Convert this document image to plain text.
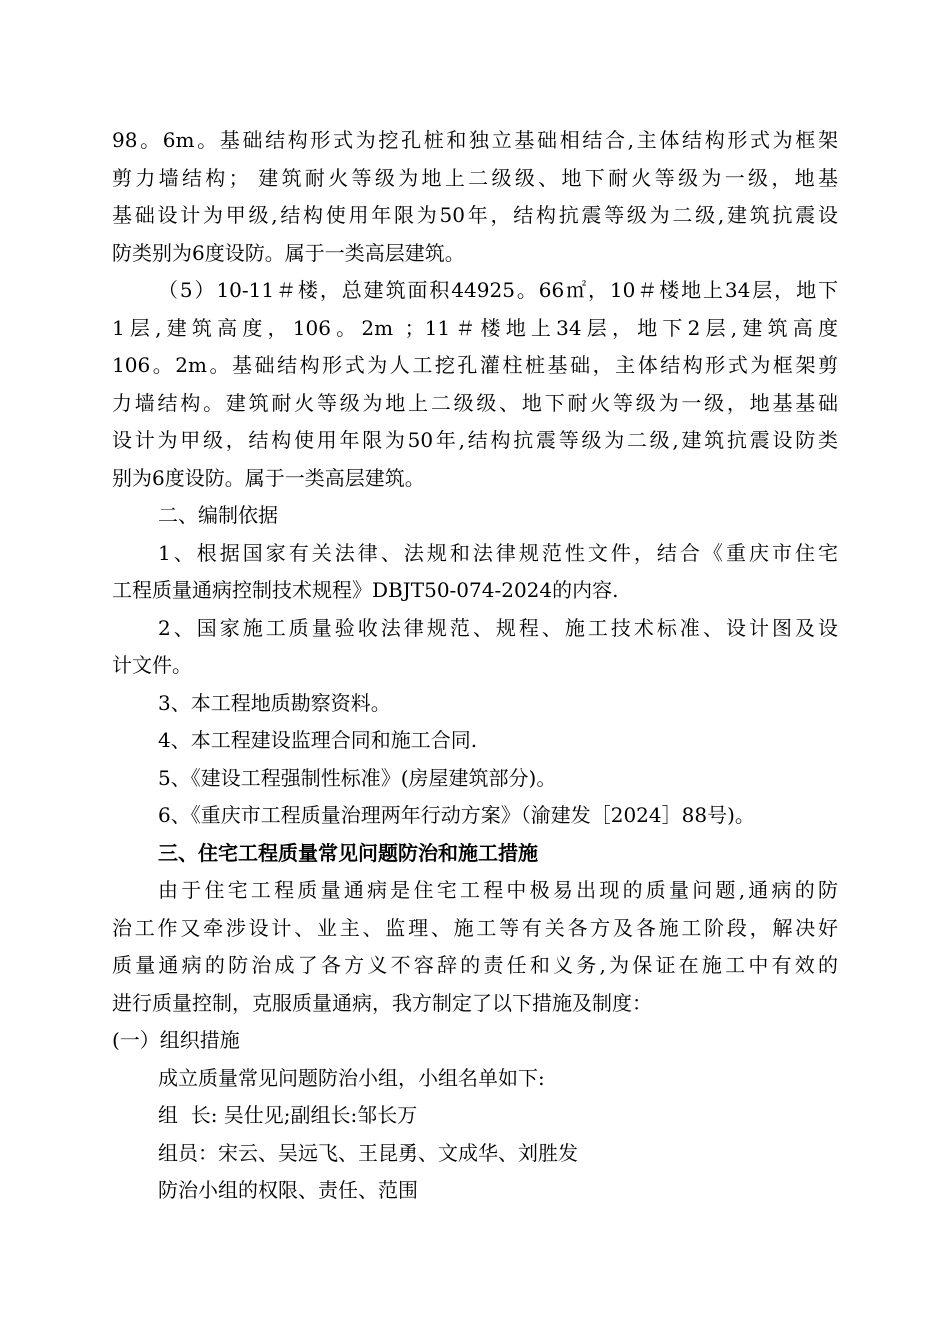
98。6m。基础结构形式为挖孔桩和独立基础相结合,主体结构形式为框架
剪力墙结构； 建筑耐火等级为地上二级级、地下耐火等级为一级，地基
基础设计为甲级,结构使用年限为50年，结构抗震等级为二级,建筑抗震设
防类别为6度设防。属于一类高层建筑。
（5）10-11＃楼，总建筑面积44925。66㎡，10＃楼地上34层，地下
1层,建筑高度，106。2m ；11＃楼地上34层，地下2层,建筑高度
106。2m。基础结构形式为人工挖孔灌柱桩基础，主体结构形式为框架剪
力墙结构。建筑耐火等级为地上二级级、地下耐火等级为一级，地基基础
设计为甲级，结构使用年限为50年,结构抗震等级为二级,建筑抗震设防类
别为6度设防。属于一类高层建筑。
二、编制依据
1、根据国家有关法律、法规和法律规范性文件，结合《重庆市住宅
工程质量通病控制技术规程》DBJT50-074-2024的内容.
2、国家施工质量验收法律规范、规程、施工技术标准、设计图及设
计文件。
3、本工程地质勘察资料。
4、本工程建设监理合同和施工合同.
5、《建设工程强制性标准》(房屋建筑部分)。
6、《重庆市工程质量治理两年行动方案》（渝建发［2024］88号)。
三、住宅工程质量常见问题防治和施工措施
由于住宅工程质量通病是住宅工程中极易出现的质量问题,通病的防
治工作又牵涉设计、业主、监理、施工等有关各方及各施工阶段，解决好
质量通病的防治成了各方义不容辞的责任和义务,为保证在施工中有效的
进行质量控制，克服质量通病，我方制定了以下措施及制度：
(一）组织措施
成立质量常见问题防治小组，小组名单如下:
组  长: 吴仕见;副组长:邹长万
组员：宋云、吴远飞、王昆勇、文成华、刘胜发
防治小组的权限、责任、范围
